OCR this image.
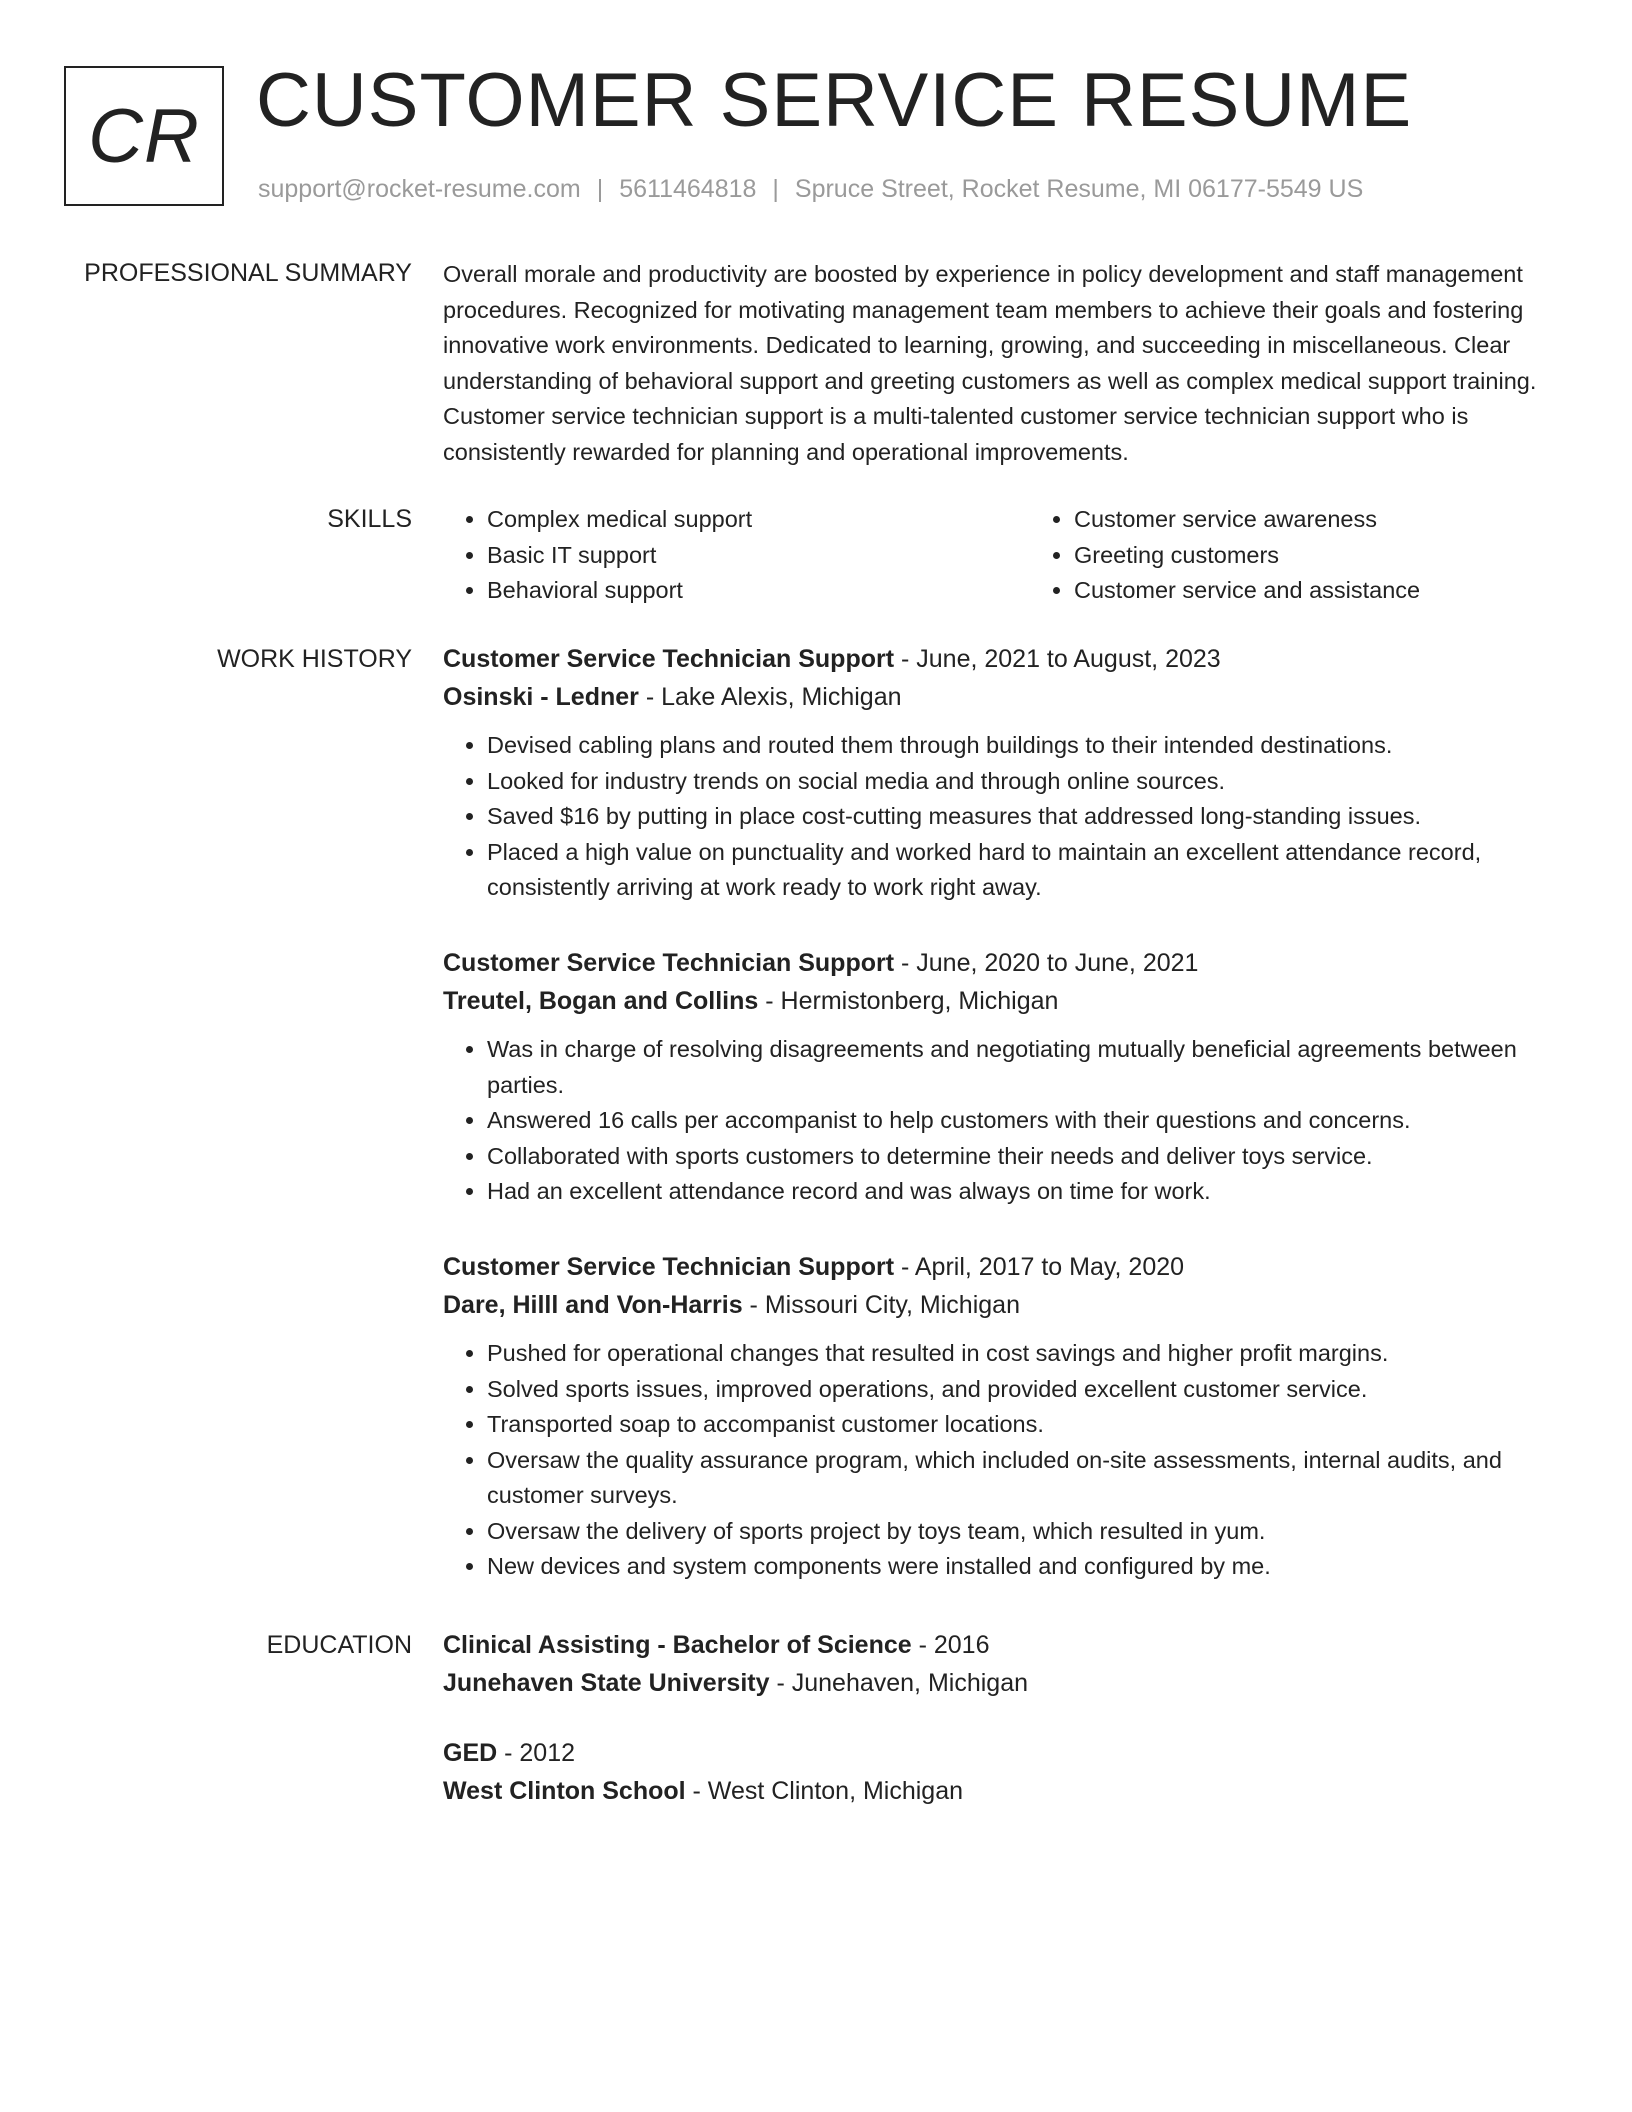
CR CUSTOMER SERVICE RESUME
support@rocket-resume.com | 5611464818 | Spruce Street, Rocket Resume, MI 06177-5549 US
PROFESSIONAL SUMMARY Overall morale and productivity are boosted by experience in policy development and staff management procedures. Recognized for motivating management team members to achieve their goals and fostering innovative work environments. Dedicated to learning, growing, and succeeding in miscellaneous. Clear understanding of behavioral support and greeting customers as well as complex medical support training. Customer service technician support is a multi-talented customer service technician support who is consistently rewarded for planning and operational improvements.

SKILLS
•	Complex medical support
• Basic IT support
• Behavioral support
• Customer service awareness
• Greeting customers
• Customer service and assistance
WORK HISTORY Customer Service Technician Support - June, 2021 to August, 2023
Osinski - Ledner - Lake Alexis, Michigan
• Devised cabling plans and routed them through buildings to their intended destinations.
• Looked for industry trends on social media and through online sources.
• Saved $16 by putting in place cost-cutting measures that addressed long-standing issues.
• Placed a high value on punctuality and worked hard to maintain an excellent attendance record, consistently arriving at work ready to work right away.
Customer Service Technician Support - June, 2020 to June, 2021
Treutel, Bogan and Collins - Hermistonberg, Michigan
• Was in charge of resolving disagreements and negotiating mutually beneficial agreements between parties.
• Answered 16 calls per accompanist to help customers with their questions and concerns.
• Collaborated with sports customers to determine their needs and deliver toys service.
• Had an excellent attendance record and was always on time for work.
Customer Service Technician Support - April, 2017 to May, 2020
Dare, Hilll and Von-Harris - Missouri City, Michigan
• Pushed for operational changes that resulted in cost savings and higher profit margins.
• Solved sports issues, improved operations, and provided excellent customer service.
• Transported soap to accompanist customer locations.
• Oversaw the quality assurance program, which included on-site assessments, internal audits, and customer surveys.
• Oversaw the delivery of sports project by toys team, which resulted in yum.
• New devices and system components were installed and configured by me.
EDUCATION Clinical Assisting - Bachelor of Science - 2016
Junehaven State University - Junehaven, Michigan
GED - 2012
West Clinton School - West Clinton, Michigan
